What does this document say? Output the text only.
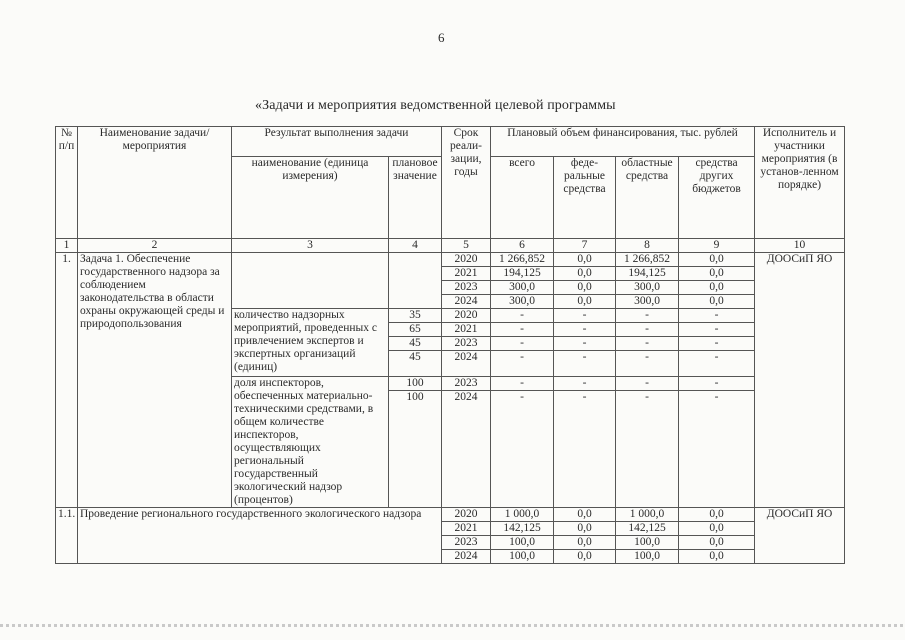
6
«Задачи и мероприятия ведомственной целевой программы
№ п/п	Наименование задачи/мероприятия	Результат выполнения задачи		Срок реали-зации, годы	Плановый объем финансирования, тыс. рублей				Исполнитель и участники мероприятия (в установ-ленном порядке)
		наименование (единица измерения)	плановое значение		всего	феде-ральные средства	областные средства	средства других бюджетов	
1	2	3	4	5	6	7	8	9	10
1.	Задача 1. Обеспечение государственного надзора за соблюдением законодательства в области охраны окружающей среды и природопользования			2020	1 266,852	0,0	1 266,852	0,0	ДООСиП ЯО
				2021	194,125	0,0	194,125	0,0	
				2023	300,0	0,0	300,0	0,0	
				2024	300,0	0,0	300,0	0,0	
		количество надзорных мероприятий, проведенных с привлечением экспертов и экспертных организаций (единиц)	35	2020	-	-	-	-	
			65	2021	-	-	-	-	
			45	2023	-	-	-	-	
			45	2024	-	-	-	-	
		доля инспекторов, обеспеченных материально-техническими средствами, в общем количестве инспекторов, осуществляющих региональный государственный экологический надзор (процентов)	100	2023	-	-	-	-	
			100	2024	-	-	-	-	

1.1.	Проведение регионального государственного экологического надзора			2020	1 000,0	0,0	1 000,0	0,0	ДООСиП ЯО
				2021	142,125	0,0	142,125	0,0	
				2023	100,0	0,0	100,0	0,0	
				2024	100,0	0,0	100,0	0,0	
